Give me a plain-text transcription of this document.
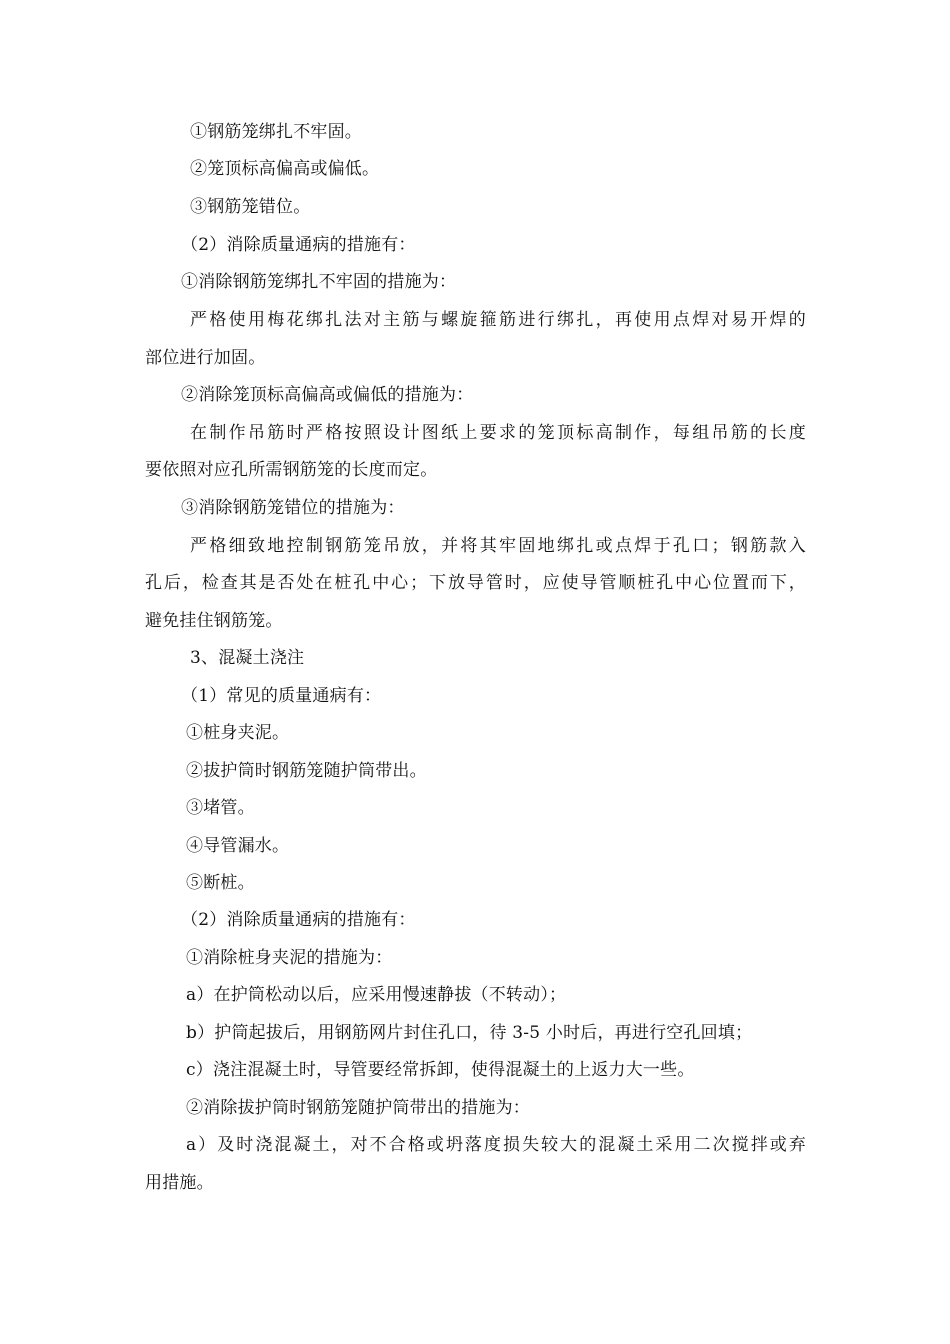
①钢筋笼绑扎不牢固。
②笼顶标高偏高或偏低。
③钢筋笼错位。
（2）消除质量通病的措施有：
①消除钢筋笼绑扎不牢固的措施为：
严格使用梅花绑扎法对主筋与螺旋箍筋进行绑扎，再使用点焊对易开焊的
部位进行加固。
②消除笼顶标高偏高或偏低的措施为：
在制作吊筋时严格按照设计图纸上要求的笼顶标高制作，每组吊筋的长度
要依照对应孔所需钢筋笼的长度而定。
③消除钢筋笼错位的措施为：
严格细致地控制钢筋笼吊放，并将其牢固地绑扎或点焊于孔口；钢筋款入
孔后，检查其是否处在桩孔中心；下放导管时，应使导管顺桩孔中心位置而下，
避免挂住钢筋笼。
3、混凝土浇注
（1）常见的质量通病有：
①桩身夹泥。
②拔护筒时钢筋笼随护筒带出。
③堵管。
④导管漏水。
⑤断桩。
（2）消除质量通病的措施有：
①消除桩身夹泥的措施为：
a）在护筒松动以后，应采用慢速静拔（不转动）；
b）护筒起拔后，用钢筋网片封住孔口，待 3-5 小时后，再进行空孔回填；
c）浇注混凝土时，导管要经常拆卸，使得混凝土的上返力大一些。
②消除拔护筒时钢筋笼随护筒带出的措施为：
a）及时浇混凝土，对不合格或坍落度损失较大的混凝土采用二次搅拌或弃
用措施。
